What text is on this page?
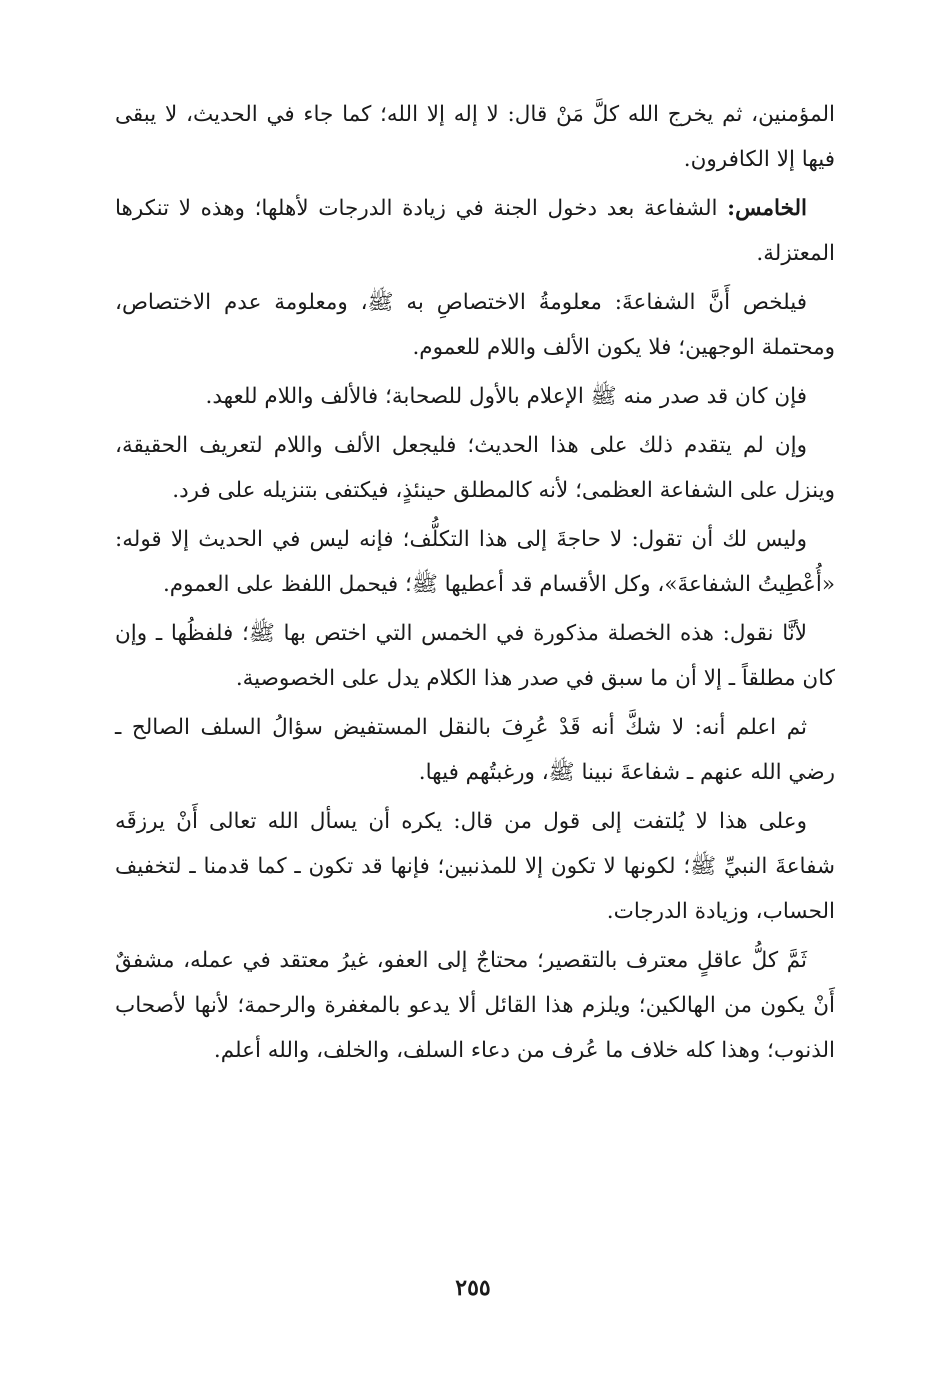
المؤمنين، ثم يخرج الله كلَّ مَنْ قال: لا إله إلا الله؛ كما جاء في الحديث، لا يبقى فيها إلا الكافرون.

الخامس: الشفاعة بعد دخول الجنة في زيادة الدرجات لأهلها؛ وهذه لا تنكرها المعتزلة.

فيلخص أَنَّ الشفاعةَ: معلومةُ الاختصاصِ به ﷺ، ومعلومة عدم الاختصاص، ومحتملة الوجهين؛ فلا يكون الألف واللام للعموم.

فإن كان قد صدر منه ﷺ الإعلام بالأول للصحابة؛ فالألف واللام للعهد.

وإن لم يتقدم ذلك على هذا الحديث؛ فليجعل الألف واللام لتعريف الحقيقة، وينزل على الشفاعة العظمى؛ لأنه كالمطلق حينئذٍ، فيكتفى بتنزيله على فرد.

وليس لك أن تقول: لا حاجةَ إلى هذا التكلُّف؛ فإنه ليس في الحديث إلا قوله: «أُعْطِيتُ الشفاعةَ»، وكل الأقسام قد أعطيها ﷺ؛ فيحمل اللفظ على العموم.

لأنَّا نقول: هذه الخصلة مذكورة في الخمس التي اختص بها ﷺ؛ فلفظُها ـ وإن كان مطلقاً ـ إلا أن ما سبق في صدر هذا الكلام يدل على الخصوصية.

ثم اعلم أنه: لا شكَّ أنه قَدْ عُرِفَ بالنقل المستفيض سؤالُ السلف الصالح ـ رضي الله عنهم ـ شفاعةَ نبينا ﷺ، ورغبتُهم فيها.

وعلى هذا لا يُلتفت إلى قول من قال: يكره أن يسأل الله تعالى أَنْ يرزقَه شفاعةَ النبيِّ ﷺ؛ لكونها لا تكون إلا للمذنبين؛ فإنها قد تكون ـ كما قدمنا ـ لتخفيف الحساب، وزيادة الدرجات.

ثَمَّ كلُّ عاقلٍ معترف بالتقصير؛ محتاجٌ إلى العفو، غيرُ معتقد في عمله، مشفقٌ أَنْ يكون من الهالكين؛ ويلزم هذا القائل ألا يدعو بالمغفرة والرحمة؛ لأنها لأصحاب الذنوب؛ وهذا كله خلاف ما عُرف من دعاء السلف، والخلف، والله أعلم.

٢٥٥
